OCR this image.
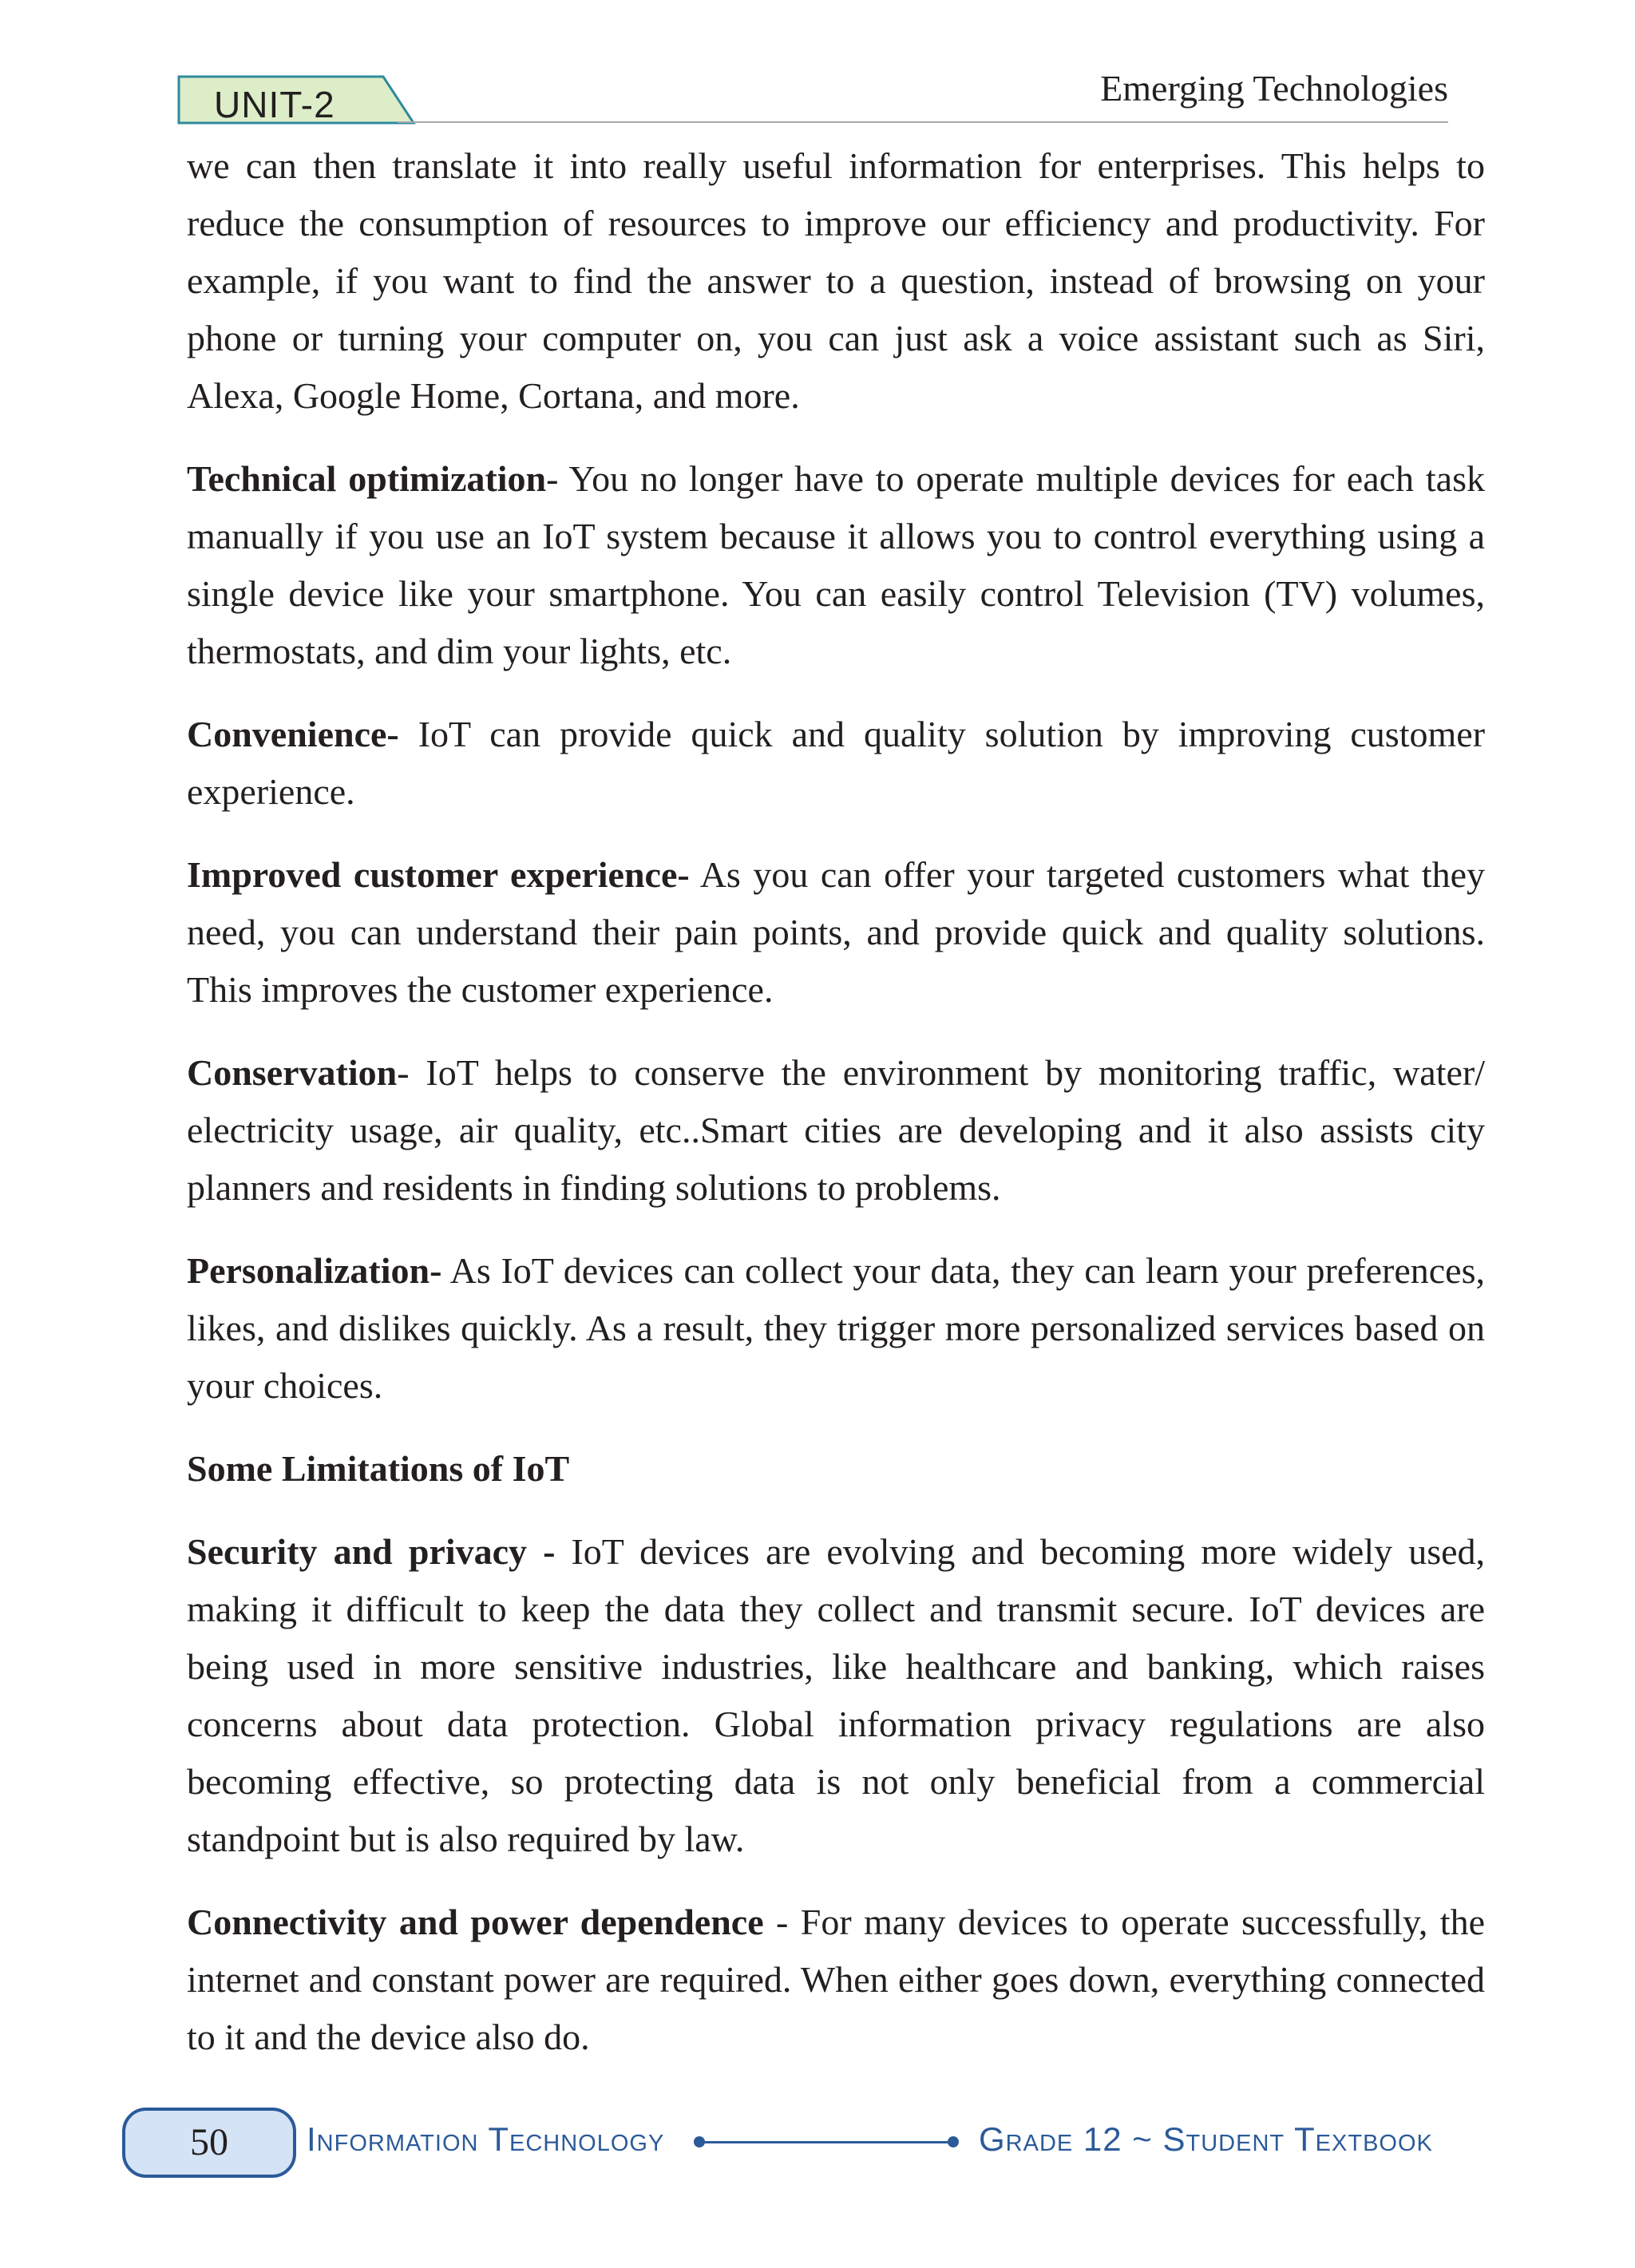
UNIT-2	Emerging Technologies

we can then translate it into really useful information for enterprises. This helps to reduce the consumption of resources to improve our efficiency and productivity. For example, if you want to find the answer to a question, instead of browsing on your phone or turning your computer on, you can just ask a voice assistant such as Siri, Alexa, Google Home, Cortana, and more.

Technical optimization- You no longer have to operate multiple devices for each task manually if you use an IoT system because it allows you to control everything using a single device like your smartphone. You can easily control Television (TV) volumes, thermostats, and dim your lights, etc.

Convenience- IoT can provide quick and quality solution by improving customer experience.

Improved customer experience- As you can offer your targeted customers what they need, you can understand their pain points, and provide quick and quality solutions. This improves the customer experience.

Conservation- IoT helps to conserve the environment by monitoring traffic, water/ electricity usage, air quality, etc..Smart cities are developing and it also assists city planners and residents in finding solutions to problems.

Personalization- As IoT devices can collect your data, they can learn your preferences, likes, and dislikes quickly. As a result, they trigger more personalized services based on your choices.

Some Limitations of IoT

Security and privacy - IoT devices are evolving and becoming more widely used, making it difficult to keep the data they collect and transmit secure. IoT devices are being used in more sensitive industries, like healthcare and banking, which raises concerns about data protection. Global information privacy regulations are also becoming effective, so protecting data is not only beneficial from a commercial standpoint but is also required by law.

Connectivity and power dependence - For many devices to operate successfully, the internet and constant power are required. When either goes down, everything connected to it and the device also do.

50	Information Technology	Grade 12 ~ Student Textbook
